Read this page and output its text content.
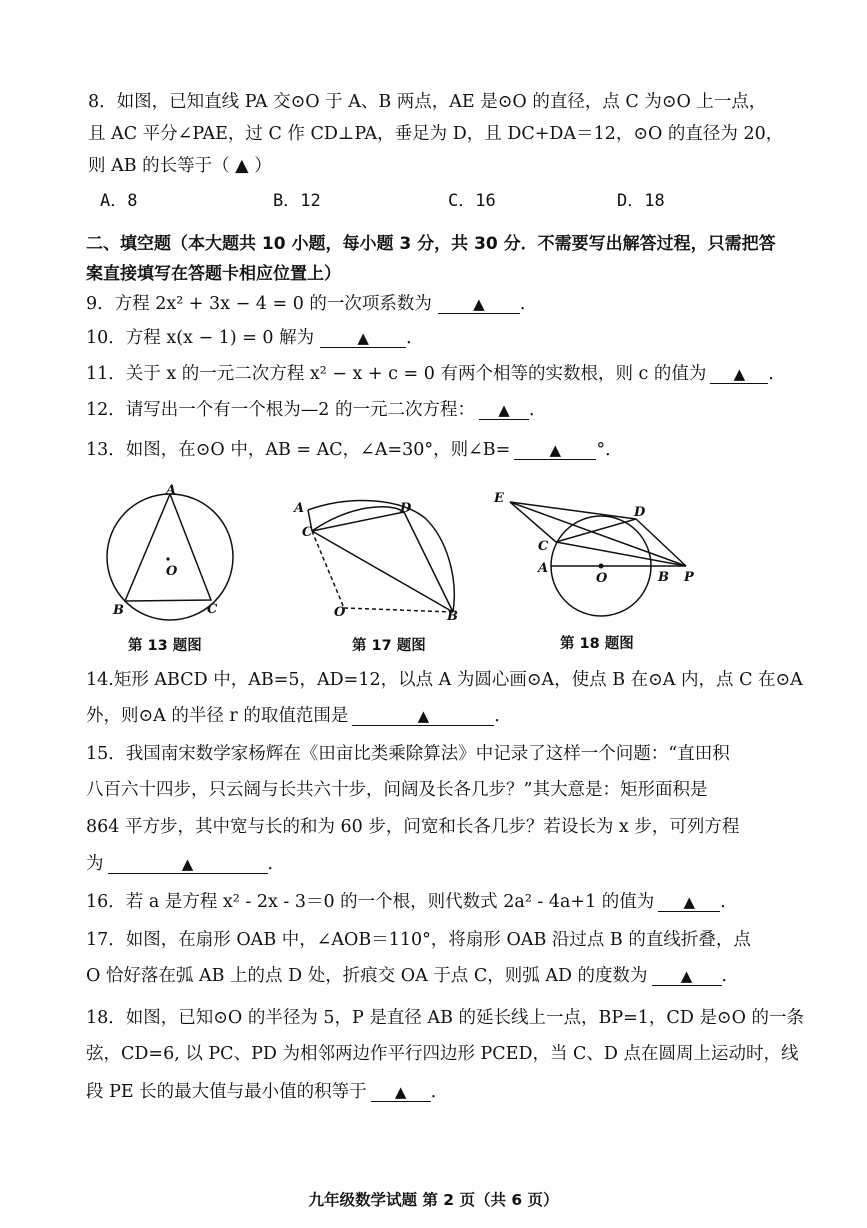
8．如图，已知直线 PA 交⊙O 于 A、B 两点，AE 是⊙O 的直径，点 C 为⊙O 上一点，
且 AC 平分∠PAE，过 C 作 CD⊥PA，垂足为 D，且 DC+DA＝12，⊙O 的直径为 20，
则 AB 的长等于（ ▲ ）
A．8	B．12	C．16	D．18
二、填空题（本大题共 10 小题，每小题 3 分，共 30 分．不需要写出解答过程，只需把答
案直接填写在答题卡相应位置上）
9．方程 2x² + 3x − 4 = 0 的一次项系数为	▲ ．
10．方程 x(x − 1) = 0 解为	▲ ．
11．关于 x 的一元二次方程 x² − x + c = 0 有两个相等的实数根，则 c 的值为 ▲ ．
12．请写出一个有一个根为—2 的一元二次方程： ▲ ．
13．如图，在⊙O 中，AB = AC，∠A=30°，则∠B=	▲ °．
A
O
B	C
第 13 题图
A	D
C
O	B
第 17 题图
E
D
C
A
O	B P
第 18 题图
14.矩形 ABCD 中，AB=5，AD=12，以点 A 为圆心画⊙A，使点 B 在⊙A 内，点 C 在⊙A
外，则⊙A 的半径 r 的取值范围是	▲	．
15．我国南宋数学家杨辉在《田亩比类乘除算法》中记录了这样一个问题：“直田积
八百六十四步，只云阔与长共六十步，问阔及长各几步？”其大意是：矩形面积是
864 平方步，其中宽与长的和为 60 步，问宽和长各几步？若设长为 x 步，可列方程
为	▲	．
16．若 a 是方程 x² - 2x - 3＝0 的一个根，则代数式 2a² - 4a+1 的值为 ▲ ．
17．如图，在扇形 OAB 中，∠AOB＝110°，将扇形 OAB 沿过点 B 的直线折叠，点
O 恰好落在弧 AB 上的点 D 处，折痕交 OA 于点 C，则弧 AD 的度数为 ▲ ．
18．如图，已知⊙O 的半径为 5，P 是直径 AB 的延长线上一点，BP=1，CD 是⊙O 的一条
弦，CD=6, 以 PC、PD 为相邻两边作平行四边形 PCED，当 C、D 点在圆周上运动时，线
段 PE 长的最大值与最小值的积等于 ▲ ．
九年级数学试题 第 2 页（共 6 页）
